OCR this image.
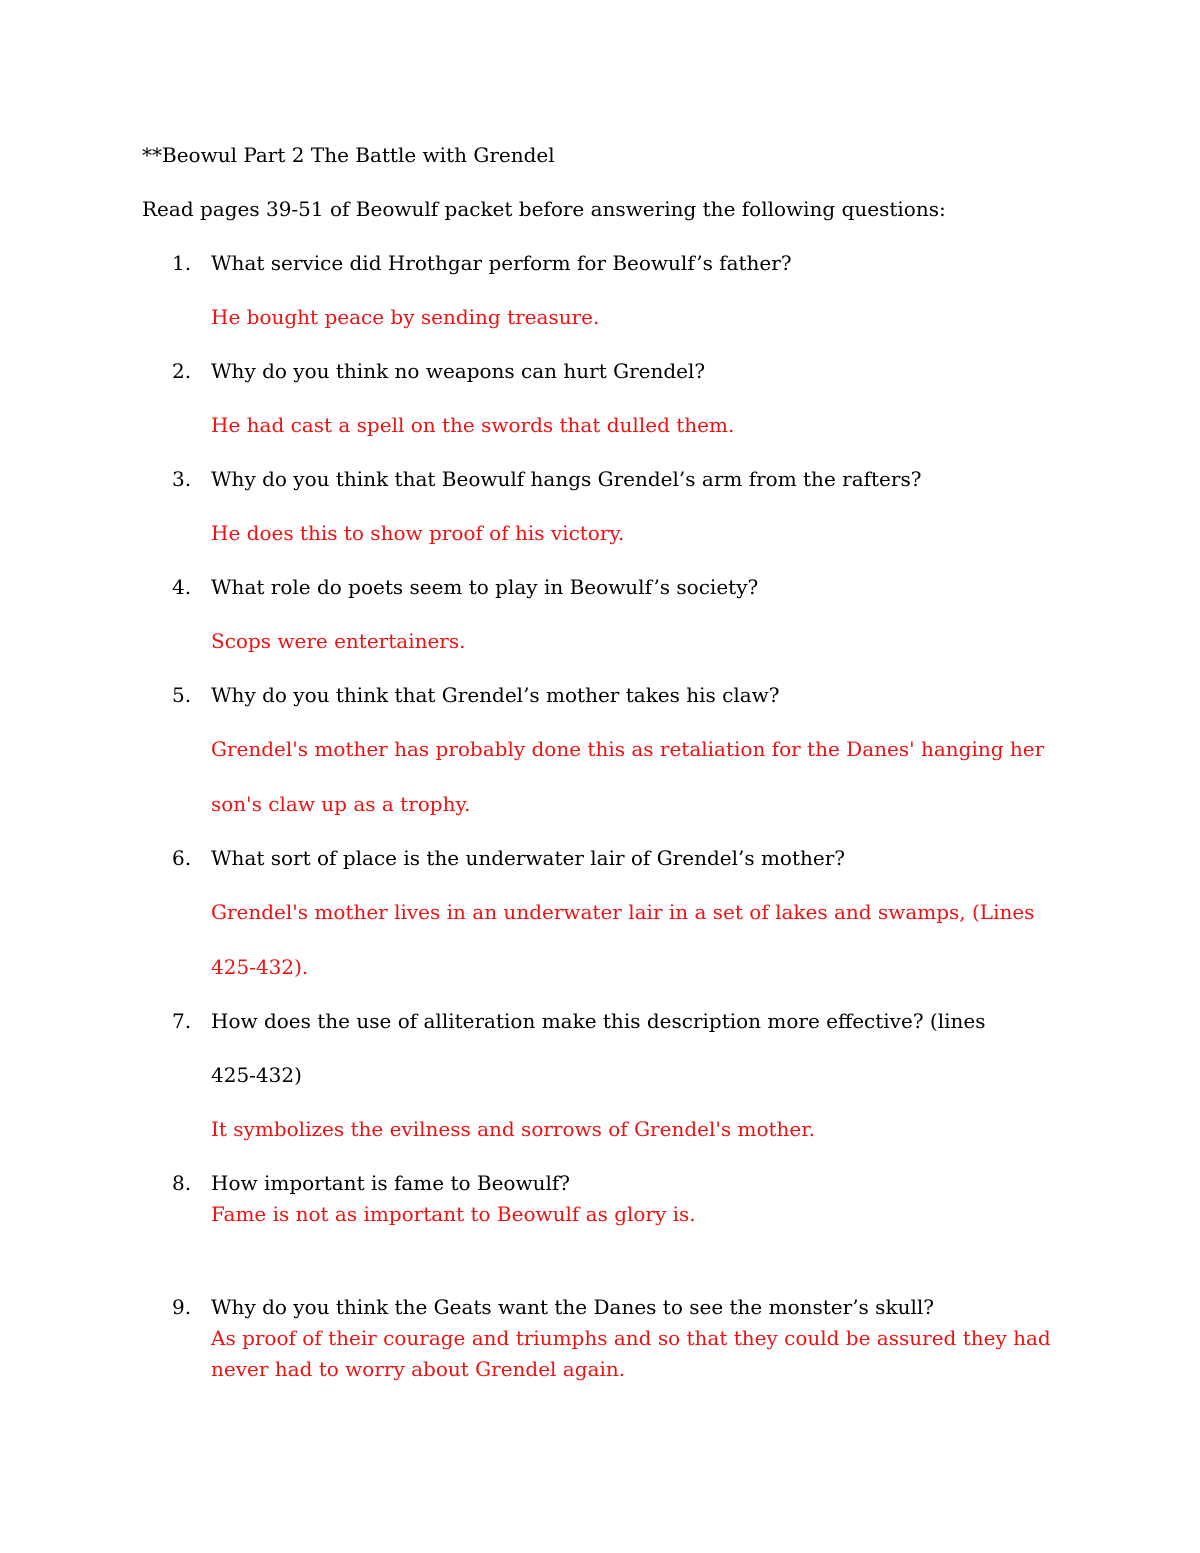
**Beowul Part 2 The Battle with Grendel
Read pages 39-51 of Beowulf packet before answering the following questions:
1. What service did Hrothgar perform for Beowulf’s father?
He bought peace by sending treasure.
2. Why do you think no weapons can hurt Grendel?
He had cast a spell on the swords that dulled them.
3. Why do you think that Beowulf hangs Grendel’s arm from the rafters?
He does this to show proof of his victory.
4. What role do poets seem to play in Beowulf’s society?
Scops were entertainers.
5. Why do you think that Grendel’s mother takes his claw?
Grendel's mother has probably done this as retaliation for the Danes' hanging her
son's claw up as a trophy.
6. What sort of place is the underwater lair of Grendel’s mother?
Grendel's mother lives in an underwater lair in a set of lakes and swamps, (Lines
425-432).
7. How does the use of alliteration make this description more effective? (lines
425-432)
It symbolizes the evilness and sorrows of Grendel's mother.
8. How important is fame to Beowulf?
Fame is not as important to Beowulf as glory is.
9. Why do you think the Geats want the Danes to see the monster’s skull?
As proof of their courage and triumphs and so that they could be assured they had
never had to worry about Grendel again.
